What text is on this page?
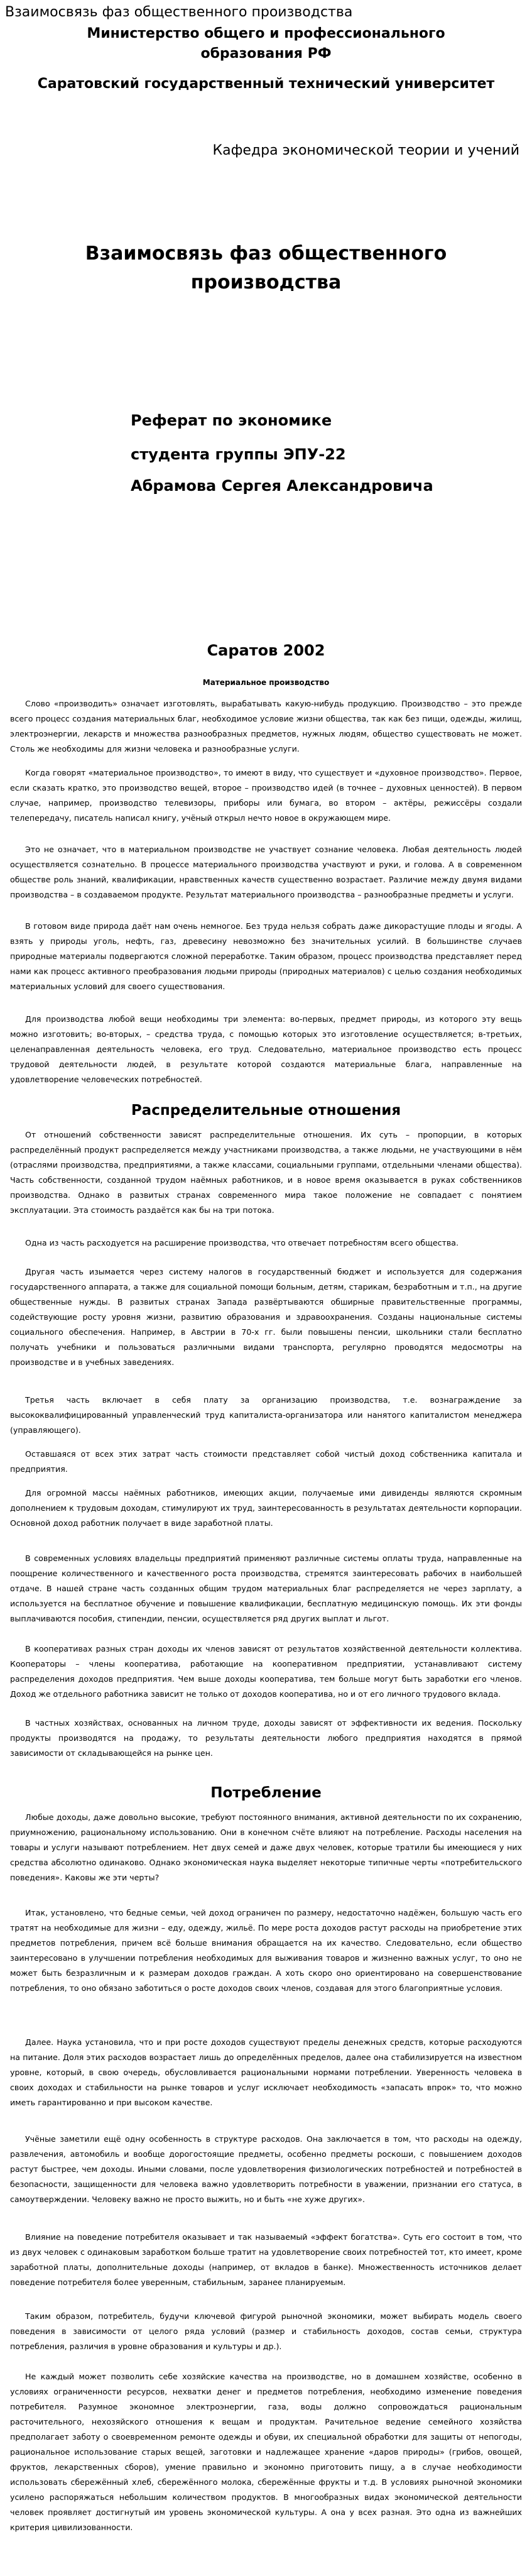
Взаимосвязь фаз общественного производства
Министерство общего и профессионального
образования РФ
Саратовский государственный технический университет
Кафедра экономической теории и учений
Взаимосвязь фаз общественного
производства
Реферат по экономике
студента группы ЭПУ-22
Абрамова Сергея Александровича
Саратов 2002
Материальное производство

Слово «производить» означает изготовлять, вырабатывать какую-нибудь продукцию. Производство – это прежде всего процесс создания материальных благ, необходимое условие жизни общества, так как без пищи, одежды, жилищ, электроэнергии, лекарств и множества разнообразных предметов, нужных людям, общество существовать не может. Столь же необходимы для жизни человека и разнообразные услуги.

Когда говорят «материальное производство», то имеют в виду, что существует и «духовное производство». Первое, если сказать кратко, это производство вещей, второе – производство идей (в точнее – духовных ценностей). В первом случае, например, производство телевизоры, приборы или бумага, во втором – актёры, режиссёры создали телепередачу, писатель написал книгу, учёный открыл нечто новое в окружающем мире.

Это не означает, что в материальном производстве не участвует сознание человека. Любая деятельность людей осуществляется сознательно. В процессе материального производства участвуют и руки, и голова. А в современном обществе роль знаний, квалификации, нравственных качеств существенно возрастает. Различие между двумя видами производства – в создаваемом продукте. Результат материального производства – разнообразные предметы и услуги.

В готовом виде природа даёт нам очень немногое. Без труда нельзя собрать даже дикорастущие плоды и ягоды. А взять у природы уголь, нефть, газ, древесину невозможно без значительных усилий. В большинстве случаев природные материалы подвергаются сложной переработке. Таким образом, процесс производства представляет перед нами как процесс активного преобразования людьми природы (природных материалов) с целью создания необходимых материальных условий для своего существования.

Для производства любой вещи необходимы три элемента: во-первых, предмет природы, из которого эту вещь можно изготовить; во-вторых, – средства труда, с помощью которых это изготовление осуществляется; в-третьих, целенаправленная деятельность человека, его труд. Следовательно, материальное производство есть процесс трудовой деятельности людей, в результате которой создаются материальные блага, направленные на удовлетворение человеческих потребностей.

Распределительные отношения

От отношений собственности зависят распределительные отношения. Их суть – пропорции, в которых распределённый продукт распределяется между участниками производства, а также людьми, не участвующими в нём (отраслями производства, предприятиями, а также классами, социальными группами, отдельными членами общества). Часть собственности, созданной трудом наёмных работников, и в новое время оказывается в руках собственников производства. Однако в развитых странах современного мира такое положение не совпадает с понятием эксплуатации. Эта стоимость раздаётся как бы на три потока.

Одна из часть расходуется на расширение производства, что отвечает потребностям всего общества.

Другая часть изымается через систему налогов в государственный бюджет и используется для содержания государственного аппарата, а также для социальной помощи больным, детям, старикам, безработным и т.п., на другие общественные нужды. В развитых странах Запада развёртываются обширные правительственные программы, содействующие росту уровня жизни, развитию образования и здравоохранения. Созданы национальные системы социального обеспечения. Например, в Австрии в 70-х гг. были повышены пенсии, школьники стали бесплатно получать учебники и пользоваться различными видами транспорта, регулярно проводятся медосмотры на производстве и в учебных заведениях.

Третья часть включает в себя плату за организацию производства, т.е. вознаграждение за высококвалифицированный управленческий труд капиталиста-организатора или нанятого капиталистом менеджера (управляющего).

Оставшаяся от всех этих затрат часть стоимости представляет собой чистый доход собственника капитала и предприятия.

Для огромной массы наёмных работников, имеющих акции, получаемые ими дивиденды являются скромным дополнением к трудовым доходам, стимулируют их труд, заинтересованность в результатах деятельности корпорации. Основной доход работник получает в виде заработной платы.

В современных условиях владельцы предприятий применяют различные системы оплаты труда, направленные на поощрение количественного и качественного роста производства, стремятся заинтересовать рабочих в наибольшей отдаче. В нашей стране часть созданных общим трудом материальных благ распределяется не через зарплату, а используется на бесплатное обучение и повышение квалификации, бесплатную медицинскую помощь. Их эти фонды выплачиваются пособия, стипендии, пенсии, осуществляется ряд других выплат и льгот.

В кооперативах разных стран доходы их членов зависят от результатов хозяйственной деятельности коллектива. Кооператоры – члены кооператива, работающие на кооперативном предприятии, устанавливают систему распределения доходов предприятия. Чем выше доходы кооператива, тем больше могут быть заработки его членов. Доход же отдельного работника зависит не только от доходов кооператива, но и от его личного трудового вклада.

В частных хозяйствах, основанных на личном труде, доходы зависят от эффективности их ведения. Поскольку продукты производятся на продажу, то результаты деятельности любого предприятия находятся в прямой зависимости от складывающейся на рынке цен.

Потребление

Любые доходы, даже довольно высокие, требуют постоянного внимания, активной деятельности по их сохранению, приумножению, рациональному использованию. Они в конечном счёте влияют на потребление. Расходы населения на товары и услуги называют потреблением. Нет двух семей и даже двух человек, которые тратили бы имеющиеся у них средства абсолютно одинаково. Однако экономическая наука выделяет некоторые типичные черты «потребительского поведения». Каковы же эти черты?

Итак, установлено, что бедные семьи, чей доход ограничен по размеру, недостаточно надёжен, большую часть его тратят на необходимые для жизни – еду, одежду, жильё. По мере роста доходов растут расходы на приобретение этих предметов потребления, причем всё больше внимания обращается на их качество. Следовательно, если общество заинтересовано в улучшении потребления необходимых для выживания товаров и жизненно важных услуг, то оно не может быть безразличным и к размерам доходов граждан. А хоть скоро оно ориентировано на совершенствование потребления, то оно обязано заботиться о росте доходов своих членов, создавая для этого благоприятные условия.

Далее. Наука установила, что и при росте доходов существуют пределы денежных средств, которые расходуются на питание. Доля этих расходов возрастает лишь до определённых пределов, далее она стабилизируется на известном уровне, который, в свою очередь, обусловливается рациональными нормами потреблении. Уверенность человека в своих доходах и стабильности на рынке товаров и услуг исключает необходимость «запасать впрок» то, что можно иметь гарантированно и при высоком качестве.

Учёные заметили ещё одну особенность в структуре расходов. Она заключается в том, что расходы на одежду, развлечения, автомобиль и вообще дорогостоящие предметы, особенно предметы роскоши, с повышением доходов растут быстрее, чем доходы. Иными словами, после удовлетворения физиологических потребностей и потребностей в безопасности, защищенности для человека важно удовлетворить потребности в уважении, признании его статуса, в самоутверждении. Человеку важно не просто выжить, но и быть «не хуже других».

Влияние на поведение потребителя оказывает и так называемый «эффект богатства». Суть его состоит в том, что из двух человек с одинаковым заработком больше тратит на удовлетворение своих потребностей тот, кто имеет, кроме заработной платы, дополнительные доходы (например, от вкладов в банке). Множественность источников делает поведение потребителя более уверенным, стабильным, заранее планируемым.

Таким образом, потребитель, будучи ключевой фигурой рыночной экономики, может выбирать модель своего поведения в зависимости от целого ряда условий (размер и стабильность доходов, состав семьи, структура потребления, различия в уровне образования и культуры и др.).

Не каждый может позволить себе хозяйские качества на производстве, но в домашнем хозяйстве, особенно в условиях ограниченности ресурсов, нехватки денег и предметов потребления, необходимо изменение поведения потребителя. Разумное экономное электроэнергии, газа, воды должно сопровождаться рациональным расточительного, нехозяйского отношения к вещам и продуктам. Рачительное ведение семейного хозяйства предполагает заботу о своевременном ремонте одежды и обуви, их специальной обработки для защиты от непогоды, рациональное использование старых вещей, заготовки и надлежащее хранение «даров природы» (грибов, овощей, фруктов, лекарственных сборов), умение правильно и экономно приготовить пищу, а в случае необходимости использовать сбережённый хлеб, сбережённого молока, сбережённые фрукты и т.д. В условиях рыночной экономики усилено распоряжаться небольшим количеством продуктов. В многообразных видах экономической деятельности человек проявляет достигнутый им уровень экономической культуры. А она у всех разная. Это одна из важнейших критерия цивилизованности.
